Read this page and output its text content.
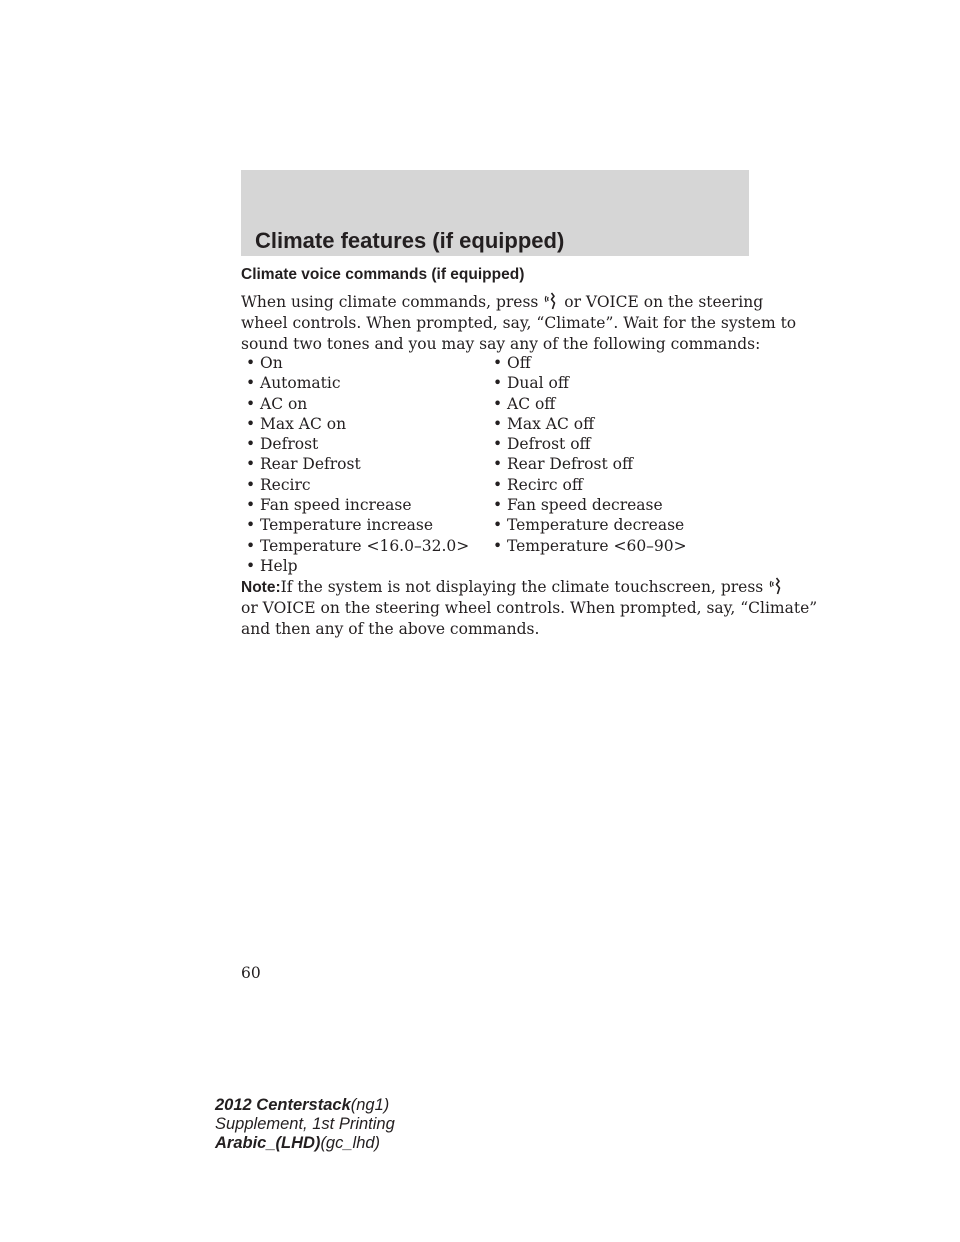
Climate features (if equipped)
Climate voice commands (if equipped)
When using climate commands, press or VOICE on the steering
wheel controls. When prompted, say, “Climate”. Wait for the system to
sound two tones and you may say any of the following commands:
• On	• Off
• Automatic	• Dual off
• AC on	• AC off
• Max AC on	• Max AC off
• Defrost	• Defrost off
• Rear Defrost	• Rear Defrost off
• Recirc	• Recirc off
• Fan speed increase	• Fan speed decrease
• Temperature increase	• Temperature decrease
• Temperature <16.0–32.0> • Temperature <60–90>
• Help
Note:If the system is not displaying the climate touchscreen, press
or VOICE on the steering wheel controls. When prompted, say, “Climate”
and then any of the above commands.
60
2012 Centerstack(ng1)
Supplement, 1st Printing
Arabic_(LHD)(gc_lhd)
